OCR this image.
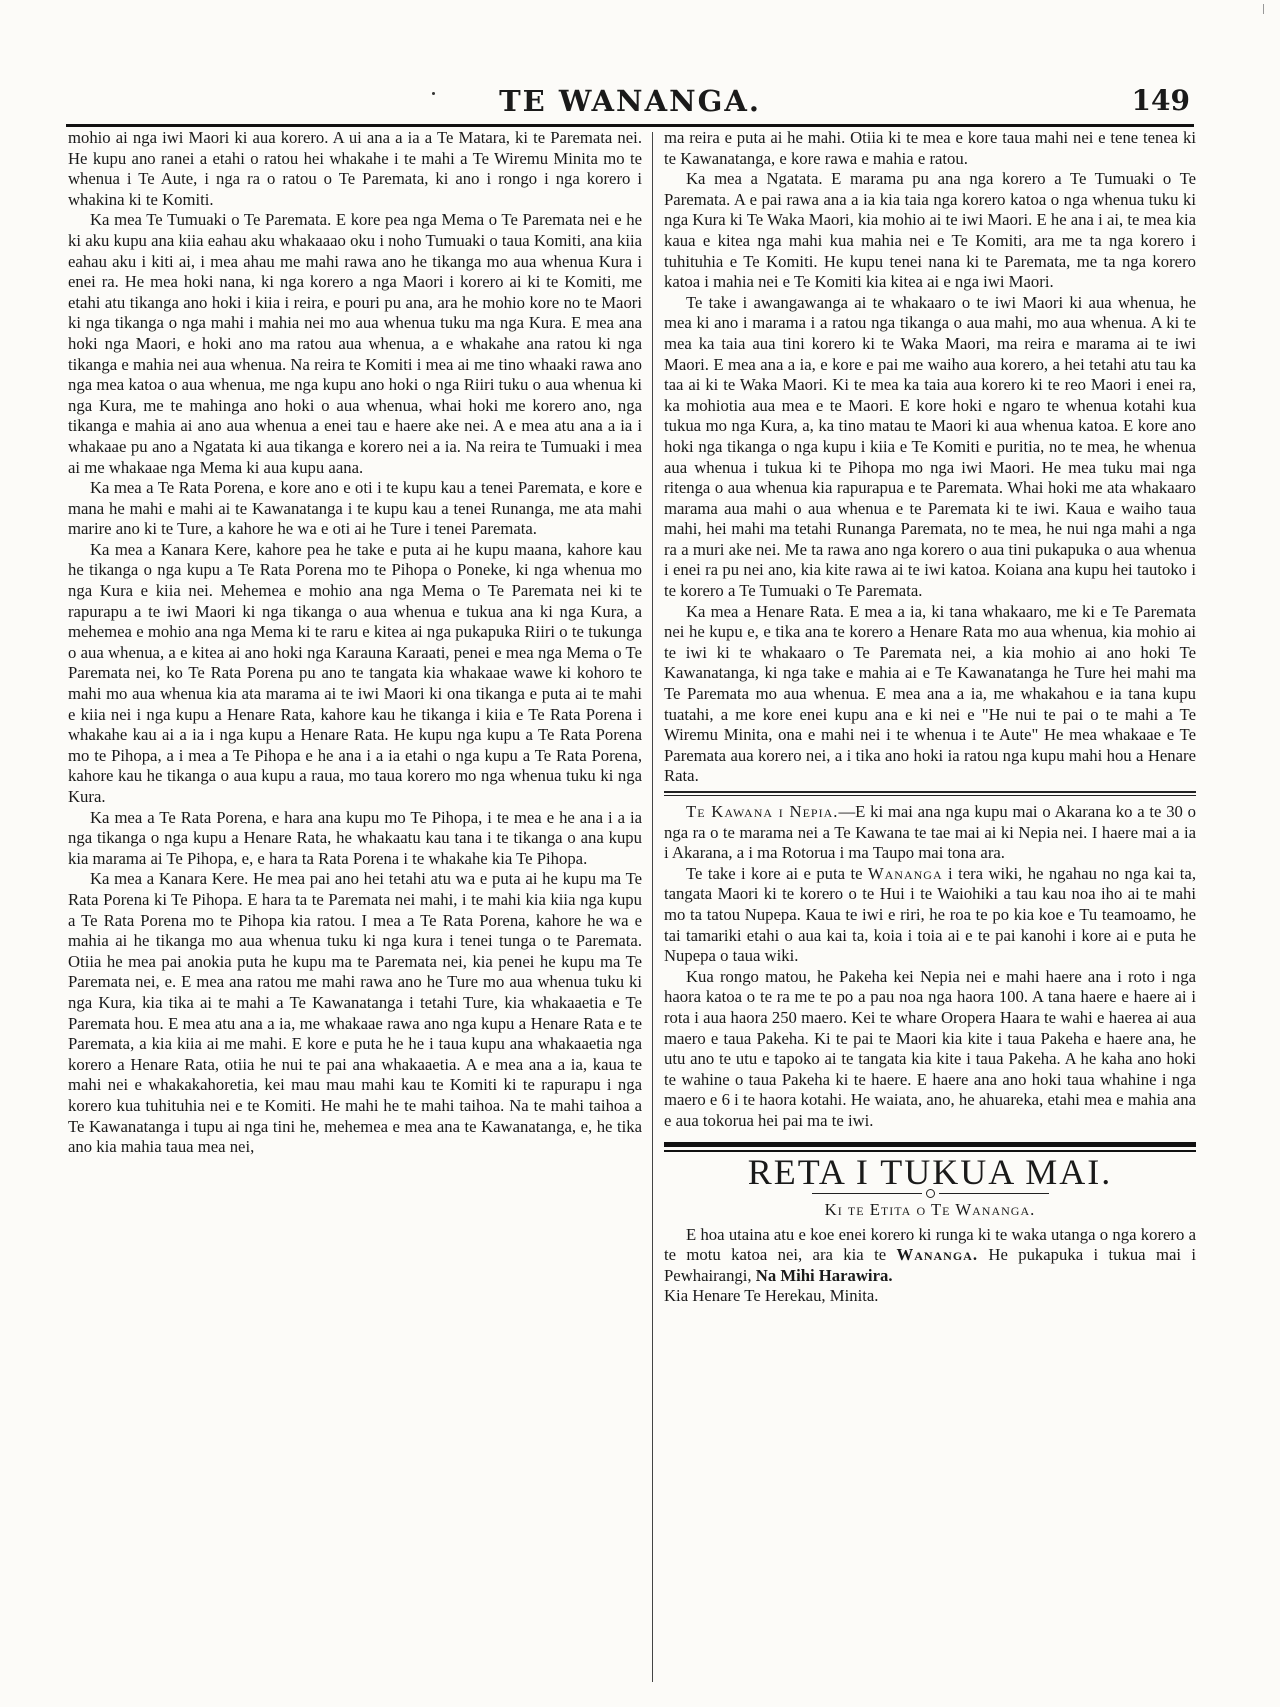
TE WANANGA.	149

mohio ai nga iwi Maori ki aua korero. A ui ana a ia a Te Matara, ki te Paremata nei. He kupu ano ranei a etahi o ratou hei whakahe i te mahi a Te Wiremu Minita mo te whenua i Te Aute, i nga ra o ratou o Te Paremata, ki ano i rongo i nga korero i whakina ki te Komiti.

Ka mea Te Tumuaki o Te Paremata. E kore pea nga Mema o Te Paremata nei e he ki aku kupu ana kiia eahau aku whakaaao oku i noho Tumuaki o taua Komiti, ana kiia eahau aku i kiti ai, i mea ahau me mahi rawa ano he tikanga mo aua whenua Kura i enei ra. He mea hoki nana, ki nga korero a nga Maori i korero ai ki te Komiti, me etahi atu tikanga ano hoki i kiia i reira, e pouri pu ana, ara he mohio kore no te Maori ki nga tikanga o nga mahi i mahia nei mo aua whenua tuku ma nga Kura. E mea ana hoki nga Maori, e hoki ano ma ratou aua whenua, a e whakahe ana ratou ki nga tikanga e mahia nei aua whenua. Na reira te Komiti i mea ai me tino whaaki rawa ano nga mea katoa o aua whenua, me nga kupu ano hoki o nga Riiri tuku o aua whenua ki nga Kura, me te mahinga ano hoki o aua whenua, whai hoki me korero ano, nga tikanga e mahia ai ano aua whenua a enei tau e haere ake nei. A e mea atu ana a ia i whakaae pu ano a Ngatata ki aua tikanga e korero nei a ia. Na reira te Tumuaki i mea ai me whakaae nga Mema ki aua kupu aana.

Ka mea a Te Rata Porena, e kore ano e oti i te kupu kau a tenei Paremata, e kore e mana he mahi e mahi ai te Kawanatanga i te kupu kau a tenei Runanga, me ata mahi marire ano ki te Ture, a kahore he wa e oti ai he Ture i tenei Paremata.

Ka mea a Kanara Kere, kahore pea he take e puta ai he kupu maana, kahore kau he tikanga o nga kupu a Te Rata Porena mo te Pihopa o Poneke, ki nga whenua mo nga Kura e kiia nei. Mehemea e mohio ana nga Mema o Te Paremata nei ki te rapurapu a te iwi Maori ki nga tikanga o aua whenua e tukua ana ki nga Kura, a mehemea e mohio ana nga Mema ki te raru e kitea ai nga pukapuka Riiri o te tukunga o aua whenua, a e kitea ai ano hoki nga Karauna Karaati, penei e mea nga Mema o Te Paremata nei, ko Te Rata Porena pu ano te tangata kia whakaae wawe ki kohoro te mahi mo aua whenua kia ata marama ai te iwi Maori ki ona tikanga e puta ai te mahi e kiia nei i nga kupu a Henare Rata, kahore kau he tikanga i kiia e Te Rata Porena i whakahe kau ai a ia i nga kupu a Henare Rata. He kupu nga kupu a Te Rata Porena mo te Pihopa, a i mea a Te Pihopa e he ana i a ia etahi o nga kupu a Te Rata Porena, kahore kau he tikanga o aua kupu a raua, mo taua korero mo nga whenua tuku ki nga Kura.

Ka mea a Te Rata Porena, e hara ana kupu mo Te Pihopa, i te mea e he ana i a ia nga tikanga o nga kupu a Henare Rata, he whakaatu kau tana i te tikanga o ana kupu kia marama ai Te Pihopa, e, e hara ta Rata Porena i te whakahe kia Te Pihopa.

Ka mea a Kanara Kere. He mea pai ano hei tetahi atu wa e puta ai he kupu ma Te Rata Porena ki Te Pihopa. E hara ta te Paremata nei mahi, i te mahi kia kiia nga kupu a Te Rata Porena mo te Pihopa kia ratou. I mea a Te Rata Porena, kahore he wa e mahia ai he tikanga mo aua whenua tuku ki nga kura i tenei tunga o te Paremata. Otiia he mea pai anokia puta he kupu ma te Paremata nei, kia penei he kupu ma Te Paremata nei, e. E mea ana ratou me mahi rawa ano he Ture mo aua whenua tuku ki nga Kura, kia tika ai te mahi a Te Kawanatanga i tetahi Ture, kia whakaaetia e Te Paremata hou. E mea atu ana a ia, me whakaae rawa ano nga kupu a Henare Rata e te Paremata, a kia kiia ai me mahi. E kore e puta he he i taua kupu ana whakaaetia nga korero a Henare Rata, otiia he nui te pai ana whakaaetia. A e mea ana a ia, kaua te mahi nei e whakakahoretia, kei mau mau mahi kau te Komiti ki te rapurapu i nga korero kua tuhituhia nei e te Komiti. He mahi he te mahi taihoa. Na te mahi taihoa a Te Kawanatanga i tupu ai nga tini he, mehemea e mea ana te Kawanatanga, e, he tika ano kia mahia taua mea nei,

ma reira e puta ai he mahi. Otiia ki te mea e kore taua mahi nei e tene tenea ki te Kawanatanga, e kore rawa e mahia e ratou.

Ka mea a Ngatata. E marama pu ana nga korero a Te Tumuaki o Te Paremata. A e pai rawa ana a ia kia taia nga korero katoa o nga whenua tuku ki nga Kura ki Te Waka Maori, kia mohio ai te iwi Maori. E he ana i ai, te mea kia kaua e kitea nga mahi kua mahia nei e Te Komiti, ara me ta nga korero i tuhituhia e Te Komiti. He kupu tenei nana ki te Paremata, me ta nga korero katoa i mahia nei e Te Komiti kia kitea ai e nga iwi Maori.

Te take i awangawanga ai te whakaaro o te iwi Maori ki aua whenua, he mea ki ano i marama i a ratou nga tikanga o aua mahi, mo aua whenua. A ki te mea ka taia aua tini korero ki te Waka Maori, ma reira e marama ai te iwi Maori. E mea ana a ia, e kore e pai me waiho aua korero, a hei tetahi atu tau ka taa ai ki te Waka Maori. Ki te mea ka taia aua korero ki te reo Maori i enei ra, ka mohiotia aua mea e te Maori. E kore hoki e ngaro te whenua kotahi kua tukua mo nga Kura, a, ka tino matau te Maori ki aua whenua katoa. E kore ano hoki nga tikanga o nga kupu i kiia e Te Komiti e puritia, no te mea, he whenua aua whenua i tukua ki te Pihopa mo nga iwi Maori. He mea tuku mai nga ritenga o aua whenua kia rapurapua e te Paremata. Whai hoki me ata whakaaro marama aua mahi o aua whenua e te Paremata ki te iwi. Kaua e waiho taua mahi, hei mahi ma tetahi Runanga Paremata, no te mea, he nui nga mahi a nga ra a muri ake nei. Me ta rawa ano nga korero o aua tini pukapuka o aua whenua i enei ra pu nei ano, kia kite rawa ai te iwi katoa. Koiana ana kupu hei tautoko i te korero a Te Tumuaki o Te Paremata.

Ka mea a Henare Rata. E mea a ia, ki tana whakaaro, me ki e Te Paremata nei he kupu e, e tika ana te korero a Henare Rata mo aua whenua, kia mohio ai te iwi ki te whakaaro o Te Paremata nei, a kia mohio ai ano hoki Te Kawanatanga, ki nga take e mahia ai e Te Kawanatanga he Ture hei mahi ma Te Paremata mo aua whenua. E mea ana a ia, me whakahou e ia tana kupu tuatahi, a me kore enei kupu ana e ki nei e "He nui te pai o te mahi a Te Wiremu Minita, ona e mahi nei i te whenua i te Aute" He mea whakaae e Te Paremata aua korero nei, a i tika ano hoki ia ratou nga kupu mahi hou a Henare Rata.

Te Kawana i Nepia.—E ki mai ana nga kupu mai o Akarana ko a te 30 o nga ra o te marama nei a Te Kawana te tae mai ai ki Nepia nei. I haere mai a ia i Akarana, a i ma Rotorua i ma Taupo mai tona ara.

Te take i kore ai e puta te Wananga i tera wiki, he ngahau no nga kai ta, tangata Maori ki te korero o te Hui i te Waiohiki a tau kau noa iho ai te mahi mo ta tatou Nupepa. Kaua te iwi e riri, he roa te po kia koe e Tu teamoamo, he tai tamariki etahi o aua kai ta, koia i toia ai e te pai kanohi i kore ai e puta he Nupepa o taua wiki.

Kua rongo matou, he Pakeha kei Nepia nei e mahi haere ana i roto i nga haora katoa o te ra me te po a pau noa nga haora 100. A tana haere e haere ai i rota i aua haora 250 maero. Kei te whare Oropera Haara te wahi e haerea ai aua maero e taua Pakeha. Ki te pai te Maori kia kite i taua Pakeha e haere ana, he utu ano te utu e tapoko ai te tangata kia kite i taua Pakeha. A he kaha ano hoki te wahine o taua Pakeha ki te haere. E haere ana ano hoki taua whahine i nga maero e 6 i te haora kotahi. He waiata, ano, he ahuareka, etahi mea e mahia ana e aua tokorua hei pai ma te iwi.

RETA I TUKUA MAI.
Ki te Etita o Te Wananga.

E hoa utaina atu e koe enei korero ki runga ki te waka utanga o nga korero a te motu katoa nei, ara kia te Wananga. He pukapuka i tukua mai i Pewhairangi, Na Mihi Harawira.

Kia Henare Te Herekau, Minita.
